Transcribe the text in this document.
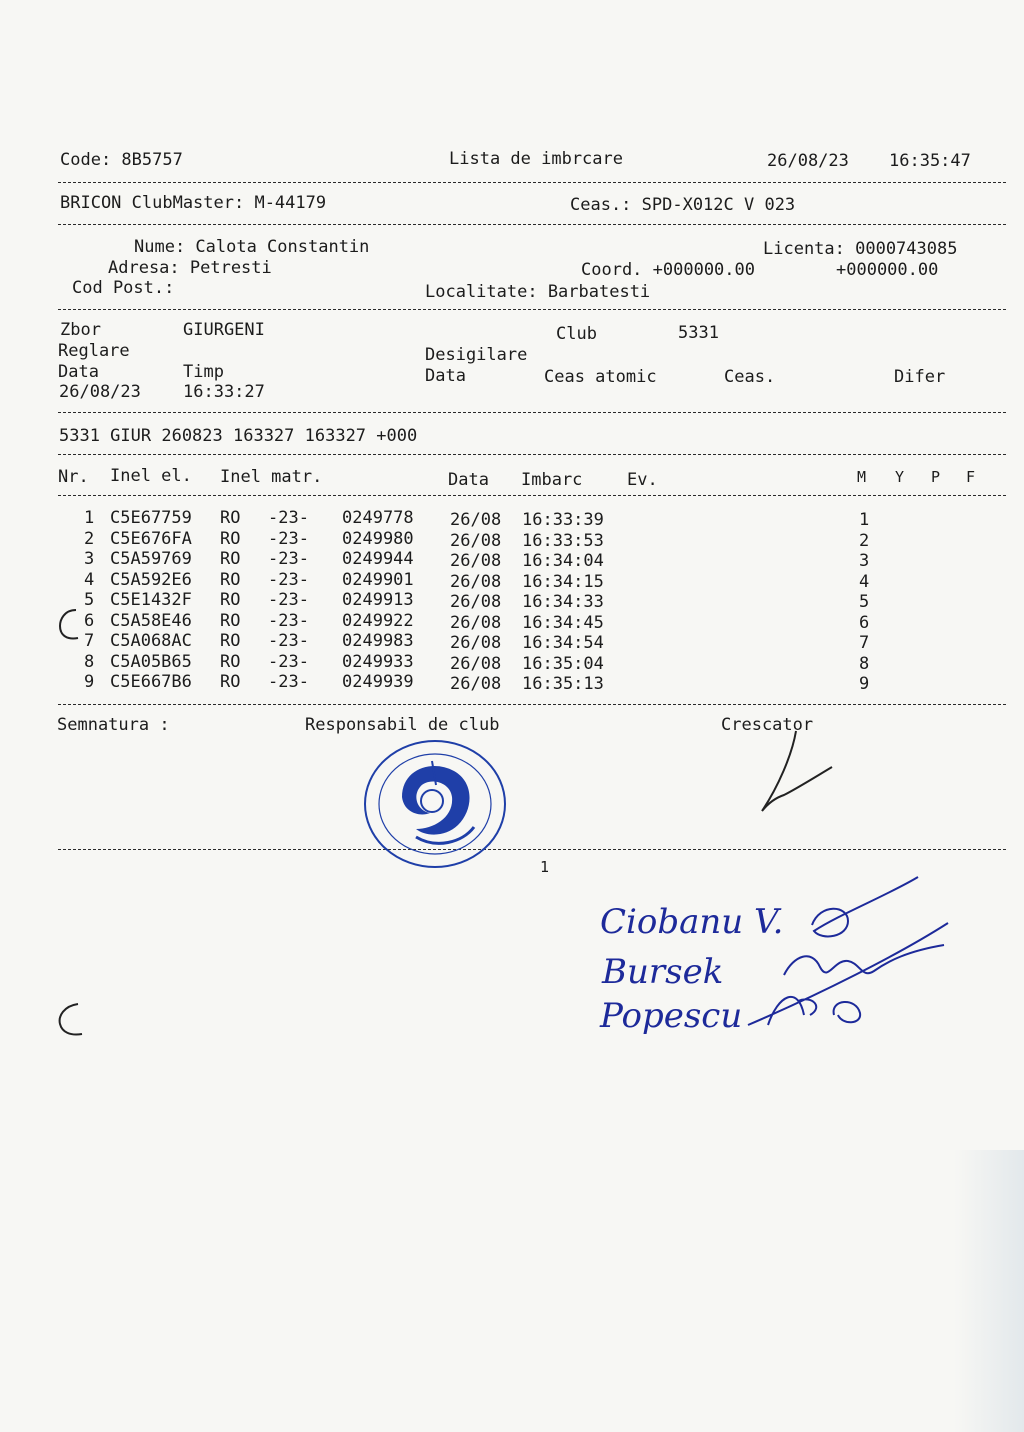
Code: 8B5757	Lista de imbrcare	26/08/23 16:35:47
BRICON ClubMaster: M-44179	Ceas.: SPD-X012C V 023
Nume: Calota Constantin
Adresa: Petresti
Cod Post.:
Licenta: 0000743085
Coord. +000000.00	+000000.00
Localitate: Barbatesti
Zbor	GIURGENI	Club	5331
Reglare	Desigilare
Data	Timp	Data	Ceas atomic	Ceas.	Difer
26/08/23 16:33:27
5331 GIUR 260823 163327 163327 +000
Nr. Inel el. Inel matr.	Data Imbarc	Ev.	M Y P F
1 C5E67759 RO -23- 0249778 26/08 16:33:39	1
2 C5E676FA RO -23- 0249980 26/08 16:33:53	2
3 C5A59769 RO -23- 0249944 26/08 16:34:04	3
4 C5A592E6 RO -23- 0249901 26/08 16:34:15	4
5 C5E1432F RO -23- 0249913 26/08 16:34:33	5
6 C5A58E46 RO -23- 0249922 26/08 16:34:45	6
7 C5A068AC RO -23- 0249983 26/08 16:34:54	7
8 C5A05B65 RO -23- 0249933 26/08 16:35:04	8
9 C5E667B6 RO -23- 0249939 26/08 16:35:13	9
Semnatura :	Responsabil de club	Crescator
1
Ciobanu V.
Bursek
Popescu
